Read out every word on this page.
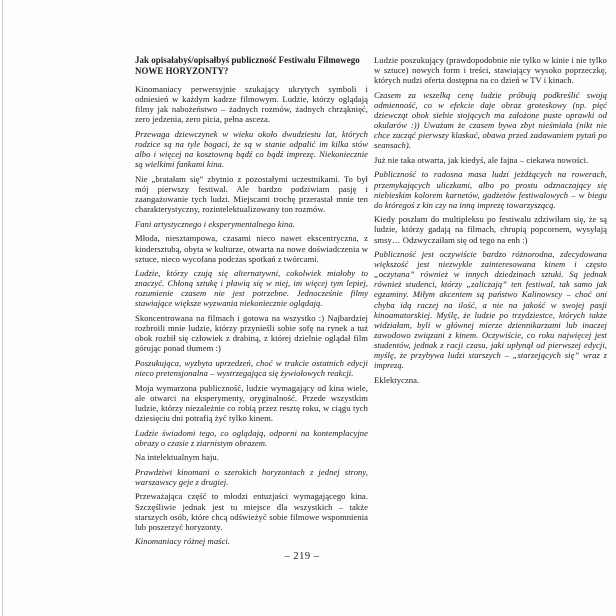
Jak opisałabyś/opisałbyś publiczność Festiwalu Filmowego
NOWE HORYZONTY?

Kinomaniacy perwersyjnie szukający ukrytych symboli i odniesień w każdym kadrze filmowym. Ludzie, którzy oglądają filmy jak nabożeństwo – żadnych rozmów, żadnych chrząknięć, zero jedzenia, zero picia, pełna asceza.

Przewaga dziewczynek w wieku około dwudziestu lat, których rodzice są na tyle bogaci, że są w stanie odpalić im kilka stów albo i więcej na kosztowną bądź co bądź imprezę. Niekoniecznie są wielkimi fankami kina.

Nie „bratałam się” zbytnio z pozostałymi uczestnikami. To był mój pierwszy festiwal. Ale bardzo podziwiam pasję i zaangażowanie tych ludzi. Miejscami trochę przerastał mnie ten charakterystyczny, rozintelektualizowany ton rozmów.

Fani artystycznego i eksperymentalnego kina.

Młoda, niesztampowa, czasami nieco nawet ekscentryczna, z kindersztubą, obyta w kulturze, otwarta na nowe doświadczenia w sztuce, nieco wycofana podczas spotkań z twórcami.

Ludzie, którzy czują się alternatywni, cokolwiek miałoby to znaczyć. Chłoną sztukę i pławią się w niej, im więcej tym lepiej, rozumienie czasem nie jest potrzebne. Jednocześnie filmy stawiające większe wyzwania niekoniecznie oglądają.

Skoncentrowana na filmach i gotowa na wszystko :) Najbardziej rozbroili mnie ludzie, którzy przynieśli sobie sofę na rynek a tuż obok rozbił się człowiek z drabiną, z której dzielnie oglądał film górując ponad tłumem :)

Poszukująca, wyzbyta uprzedzeń, choć w trakcie ostatnich edycji nieco pretensjonalna – wystrzegająca się żywiołowych reakcji.

Moja wymarzona publiczność, ludzie wymagający od kina wiele, ale otwarci na eksperymenty, oryginalność. Przede wszystkim ludzie, którzy niezależnie co robią przez resztę roku, w ciągu tych dziesięciu dni potrafią żyć tylko kinem.

Ludzie świadomi tego, co oglądają, odporni na kontemplacyjne obrazy o czasie z ziarnistym obrazem.

Na intelektualnym haju.

Prawdziwi kinomani o szerokich horyzontach z jednej strony, warszawscy geje z drugiej.

Przeważająca część to młodzi entuzjaści wymagającego kina. Szczęśliwie jednak jest tu miejsce dla wszystkich – także starszych osób, które chcą odświeżyć sobie filmowe wspomnienia lub poszerzyć horyzonty.

Kinomaniacy różnej maści.

Ludzie poszukujący (prawdopodobnie nie tylko w kinie i nie tylko w sztuce) nowych form i treści, stawiający wysoko poprzeczkę, których nudzi oferta dostępna na co dzień w TV i kinach.

Czasem za wszelką cenę ludzie próbują podkreślić swoją odmienność, co w efekcie daje obraz groteskowy (np. pięć dziewcząt obok siebie stojących ma założone puste oprawki od okularów :)) Uważam że czasem bywa zbyt nieśmiała (nikt nie chce zacząć pierwszy klaskać, obawa przed zadawaniem pytań po seansach).

Już nie taka otwarta, jak kiedyś, ale fajna – ciekawa nowości.

Publiczność to radosna masa ludzi jeżdżących na rowerach, przemykających uliczkami, albo po prostu odznaczający się niebieskim kolorem karnetów, gadżetów festiwalowych – w biegu do któregoś z kin czy na inną imprezę towarzyszącą.

Kiedy poszłam do multipleksu po festiwalu zdziwiłam się, że są ludzie, którzy gadają na filmach, chrupią popcornem, wysyłają smsy… Odzwyczaiłam się od tego na enh :)

Publiczność jest oczywiście bardzo różnorodna, zdecydowana większość jest niezwykle zainteresowana kinem i często „oczytana” również w innych dziedzinach sztuki. Są jednak również studenci, którzy „zaliczają” ten festiwal, tak samo jak egzaminy. Miłym akcentem są państwo Kalinowscy – choć oni chyba idą raczej na ilość, a nie na jakość w swojej pasji kinoamatorskiej. Myślę, że ludzie po trzydziestce, których także widziałam, byli w głównej mierze dziennikarzami lub inaczej zawodowo związani z kinem. Oczywiście, co roku najwięcej jest studentów, jednak z racji czasu, jaki upłynął od pierwszej edycji, myślę, że przybywa ludzi starszych – „starzejących się” wraz z imprezą.

Eklektyczna.

– 219 –
